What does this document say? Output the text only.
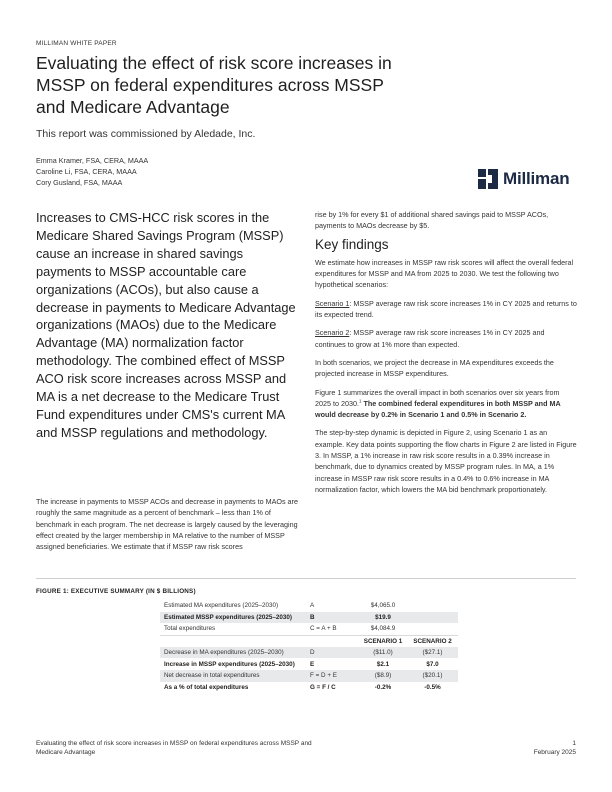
MILLIMAN WHITE PAPER
Evaluating the effect of risk score increases in MSSP on federal expenditures across MSSP and Medicare Advantage
This report was commissioned by Aledade, Inc.
Emma Kramer, FSA, CERA, MAAA
Caroline Li, FSA, CERA, MAAA
Cory Gusland, FSA, MAAA	Milliman
Increases to CMS-HCC risk scores in the Medicare Shared Savings Program (MSSP) cause an increase in shared savings payments to MSSP accountable care organizations (ACOs), but also cause a decrease in payments to Medicare Advantage organizations (MAOs) due to the Medicare Advantage (MA) normalization factor methodology. The combined effect of MSSP ACO risk score increases across MSSP and MA is a net decrease to the Medicare Trust Fund expenditures under CMS's current MA and MSSP regulations and methodology.
The increase in payments to MSSP ACOs and decrease in payments to MAOs are roughly the same magnitude as a percent of benchmark – less than 1% of benchmark in each program. The net decrease is largely caused by the leveraging effect created by the larger membership in MA relative to the number of MSSP assigned beneficiaries. We estimate that if MSSP raw risk scores

rise by 1% for every $1 of additional shared savings paid to MSSP ACOs, payments to MAOs decrease by $5.

Key findings

We estimate how increases in MSSP raw risk scores will affect the overall federal expenditures for MSSP and MA from 2025 to 2030. We test the following two hypothetical scenarios:

Scenario 1: MSSP average raw risk score increases 1% in CY 2025 and returns to its expected trend.

Scenario 2: MSSP average raw risk score increases 1% in CY 2025 and continues to grow at 1% more than expected.

In both scenarios, we project the decrease in MA expenditures exceeds the projected increase in MSSP expenditures.

Figure 1 summarizes the overall impact in both scenarios over six years from 2025 to 2030.$^1$ The combined federal expenditures in both MSSP and MA would decrease by 0.2% in Scenario 1 and 0.5% in Scenario 2.

The step-by-step dynamic is depicted in Figure 2, using Scenario 1 as an example. Key data points supporting the flow charts in Figure 2 are listed in Figure 3. In MSSP, a 1% increase in raw risk score results in a 0.39% increase in benchmark, due to dynamics created by MSSP program rules. In MA, a 1% increase in MSSP raw risk score results in a 0.4% to 0.6% increase in MA normalization factor, which lowers the MA bid benchmark proportionately.

FIGURE 1: EXECUTIVE SUMMARY (IN $ BILLIONS)
Estimated MA expenditures (2025–2030)	A	$4,065.0	
Estimated MSSP expenditures (2025–2030)	B	$19.9	
Total expenditures	C = A + B	$4,084.9	
		SCENARIO 1	SCENARIO 2
Decrease in MA expenditures (2025–2030)	D	($11.0)	($27.1)
Increase in MSSP expenditures (2025–2030)	E	$2.1	$7.0
Net decrease in total expenditures	F = D + E	($8.9)	($20.1)
As a % of total expenditures	G = F / C	-0.2%	-0.5%
Evaluating the effect of risk score increases in MSSP on federal expenditures across MSSP and Medicare Advantage
1
February 2025
